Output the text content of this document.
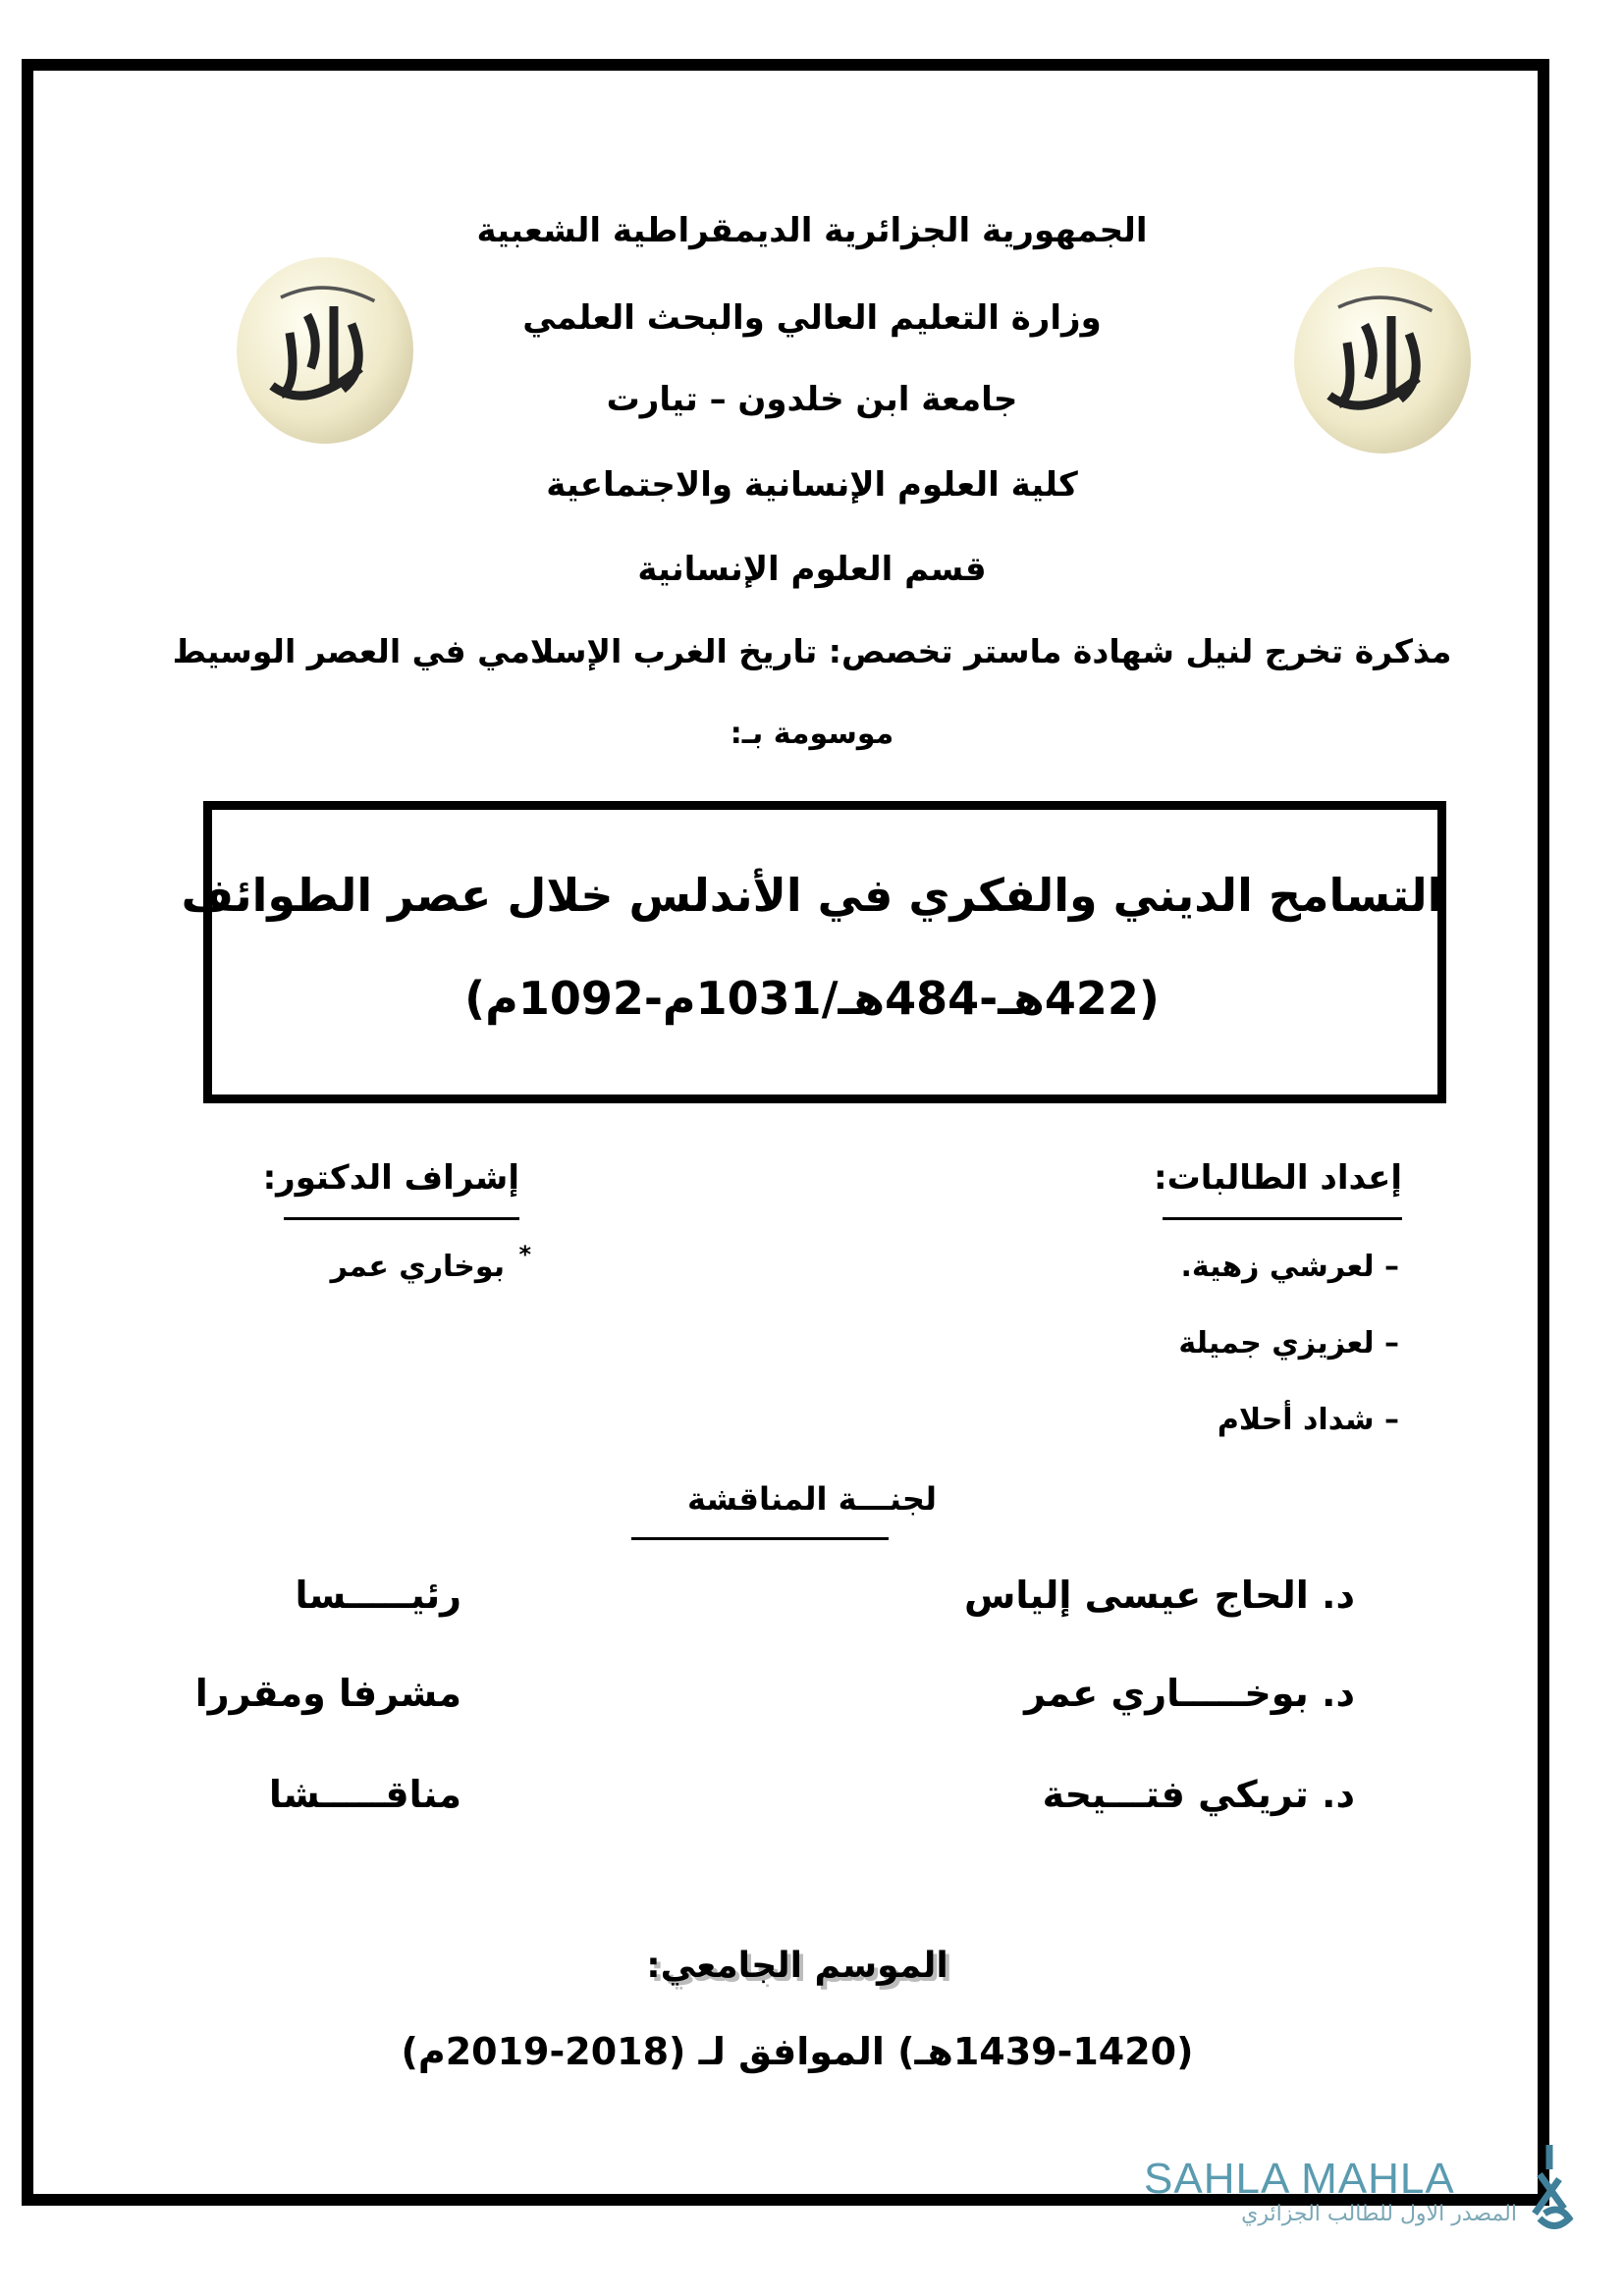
الجمهورية الجزائرية الديمقراطية الشعبية
وزارة التعليم العالي والبحث العلمي
جامعة ابن خلدون – تيارت
كلية العلوم الإنسانية والاجتماعية
قسم العلوم الإنسانية
مذكرة تخرج لنيل شهادة ماستر تخصص: تاريخ الغرب الإسلامي في العصر الوسيط
موسومة بـ:
التسامح الديني والفكري في الأندلس خلال عصر الطوائف
(422هـ-484هـ/1031م-1092م)
إعداد الطالبات:
– لعرشي زهية.
– لعزيزي جميلة
– شداد أحلام
إشراف الدكتور:
*
بوخاري عمر
لجنـــة المناقشة
د. الحاج عيسى إلياس
رئيـــــسا
د. بوخـــــاري عمر
مشرفا ومقررا
د. تريكي فتـــيحة
مناقـــــشا
الموسم الجامعي:
(1439-1420هـ) الموافق لـ (2018-2019م)
SAHLA MAHLA
المصدر الاول للطالب الجزائري
